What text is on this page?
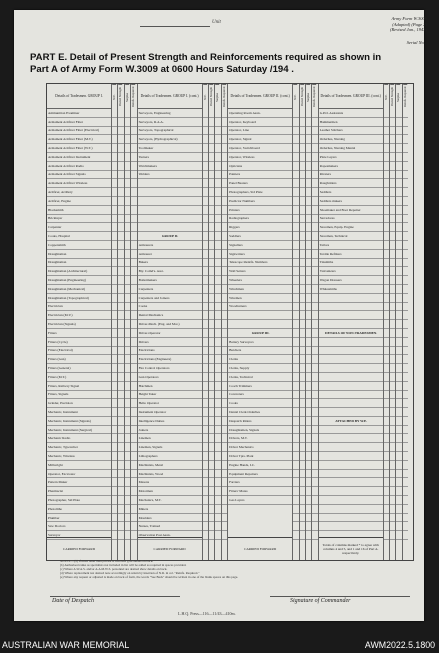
Unit
Army Form W.3009
(Adapted) (Page 2)
(Revised Jan., 1943)
Serial No.
PART E. Detail of Present Strength and Reinforcements required as shown in Part A of Army Form W.3009 at 0600 Hours Saturday /194 .
Details of Tradesmen. GROUP I.
Ammunition Examiner
Armament Artificer Fitter
Armament Artificer Fitter (Electrical)
Armament Artificer Fitter (M.T.)
Armament Artificer Fitter (W.T.)
Armament Artificer Instrument
Armament Artificer Radio
Armament Artificer Signals
Armament Artificer Wireless
Artificer, Artillery
Artificer, Engine
Blacksmith
Bricklayer
Carpenter
Cooks, Hospital
Coppersmith
Draughtsman
Draughtsman
Draughtsman (Architectural)
Draughtsman (Engineering)
Draughtsman (Mechanical)
Draughtsman (Topographical)
Electrician
Electrician (M.V.)
Electrician (Signals)
Fitters
Fitters (Cycle)
Fitters (Electrical)
Fitters (Gun)
Fitters (General)
Fitters (M.T.)
Fitters, Railway Signal
Fitters, Signals
Grinder, Precision
Mechanic, Instrument
Mechanic, Instrument (Signals)
Mechanic, Instrument (Surgical)
Mechanic Radio
Mechanic, Typewriter
Mechanic, Wireless
Millwright
Operator, Excavator
Pattern Maker
Pharmacist
Photographer, Std Plate
Photolitho
Plumber
Saw Doctors
Surveyor
CARRIED FORWARD
W.E. Posted Strength Surplus Reinfs. Required	Details of Tradesmen. GROUP I. (cont.)
Surveyors, Engineering
Surveyors, R.A.A.
Surveyors, Topographical
Surveyors, (Hydrographical)
Toolmaker
Turners
Watchmakers
Welders
GROUP II.
Armourers
Armourer
Bakers
Bty. Comd's. Asst.
Boilermakers
Carpenters
Carpenters and Joiners
Cooks
Dental Mechanics
Driver-Mech. (Eng. and Mot.)
Driver-Operator
Drivers
Electricians
Electricians (Engineers)
Fire Control Operators
Gun Operators
Hatchmen
Height Taker
Helio Operator
Instrument Operator
Intelligence Duties
Joiners
Linemen
Lineman, Signals
Lithographers
Machinists, Metal
Machinists, Wood
Masons
Motormen
Mechanics, M.T.
Miners
Moulders
Nurses, Trained
Observation Post Assts.
CARRIED FORWARD
W.E. Posted Strength Surplus Reinfs. Required	Details of Tradesmen. GROUP II. (cont.)
Operating Room Assts.
Operator, Keyboard
Operator, Line
Operator, Signal
Operator, Switchboard
Operator, Wireless
Opticians
Painters
Panel Beaters
Photographers, Std Plate
Predictor Numbers
Printers
Radiographers
Riggers
Saddlers
Signallers
Signwriters
Telescope Identfn. Numbers
Wall Setters
Wheelers
Winchman
Wiremen
Woodturners
GROUP III.
Battery Surveyors
Butchers
Clerks
Clerks, Supply
Clerks, Technical
Coach Trimmers
Concreters
Cooks
Dental Clerk Orderlies
Despatch Riders
Draughtsmen, Signals
Drivers, M.T.
Driver Mechanics
Driver Tpts. Plant
Engine Hands, I.C.
Equipment Repairers
Farriers
Fitters' Mates
Gas Layers
CARRIED FORWARD
W.E. Posted Strength Surplus Reinfs. Required	Details of Tradesmen. GROUP III. (cont.)
G.P.O. Assistants
Hammermen
Leather Stitchers
Orderlies, Nursing
Orderlies, Nursing Mental
Plate Layers
Ropesmakers
Riveters
Roughriders
Saddlers
Saddlers makers
Shoemaker and Boot Repairer
Stevedores
Storemen, Equip. Engine
Storeman, Technical
Tailors
Textile Refitters
Tinsmiths
Vulcanizers
Wagon Dressers
Whitesmiths
DETAILS OF NON-TRADESMEN.
ATTACHED BY W.E.
Totals of columns marked * to agree with columns 4 and 5, and 1 and 16 of Part A. respectively.
W.E. Posted Strength Surplus Reinfs. Required
NOTES.—(a) If more other than private is involved give details on back.
(b) Authorised ranks as specialists not included in list will be added as required in spaces provided.
(c) Where A.W.A.S. and/or A.A.M.W.S. personnel are desired show details on back.
(d) Where replacement not desired note accordingly on return by insertion of N.R. in col. "Reinfs. Required."
(e) Where any request or adjusted is made on back of form, the words "See Back" should be written in one of the blank spaces on this page.
Date of Despatch	Signature of Commander
L.H.Q. Press—116—11/43—410m.
AUSTRALIAN WAR MEMORIAL	AWM2022.5.1800
